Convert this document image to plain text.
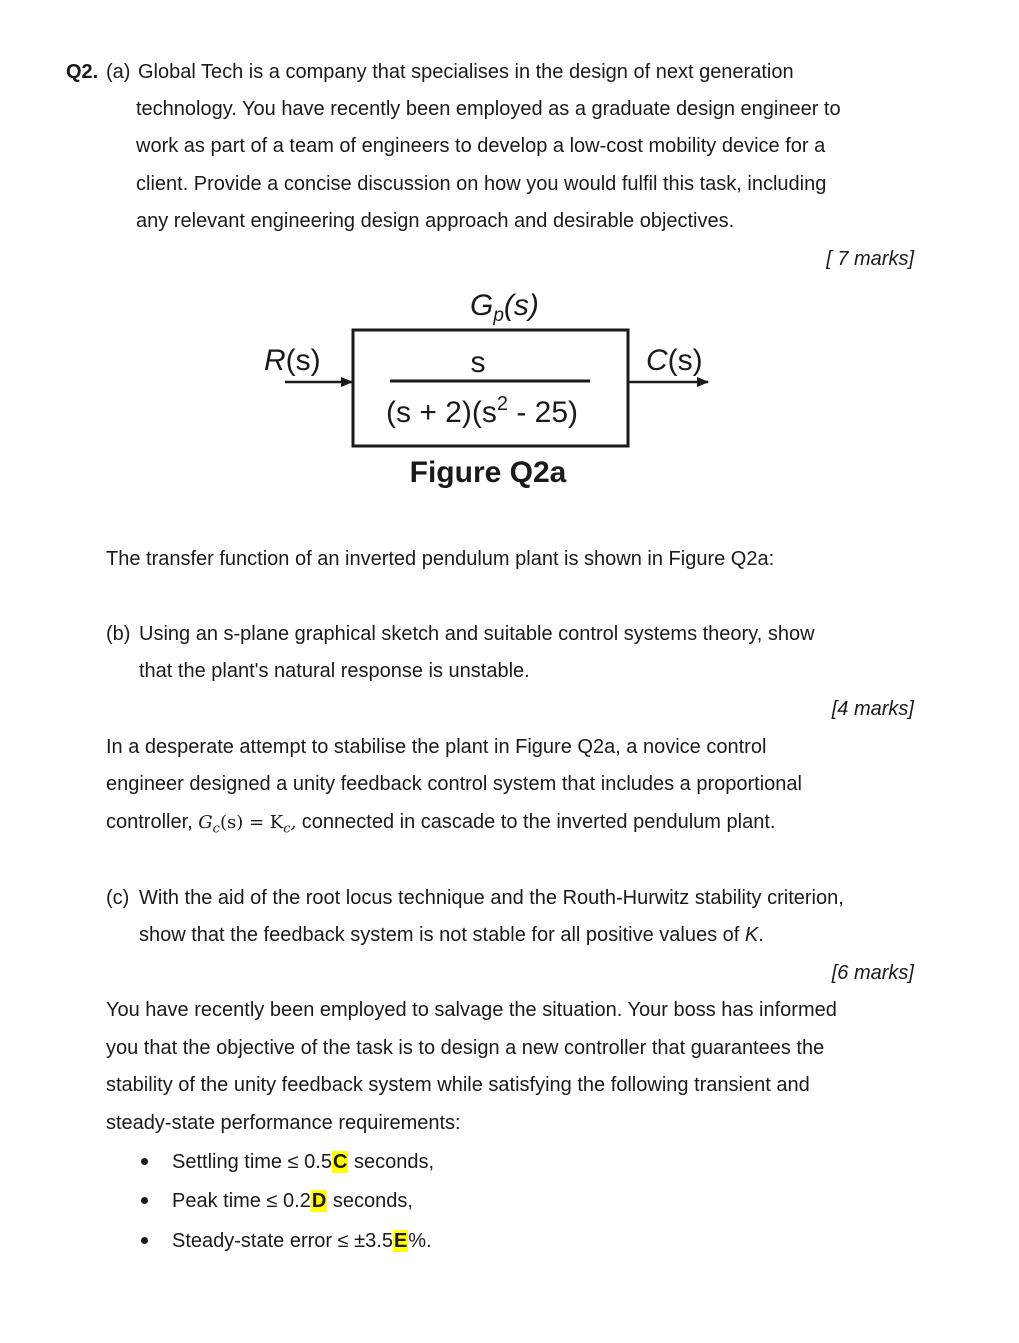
Q2. (a) Global Tech is a company that specialises in the design of next generation
technology. You have recently been employed as a graduate design engineer to
work as part of a team of engineers to develop a low-cost mobility device for a
client. Provide a concise discussion on how you would fulfil this task, including
any relevant engineering design approach and desirable objectives.
[ 7 marks]
$G_p(s)$
R(s)	C(s)
s
$(s + 2)(s^2 - 25)$
Figure Q2a
The transfer function of an inverted pendulum plant is shown in Figure Q2a:
(b) Using an s-plane graphical sketch and suitable control systems theory, show
that the plant's natural response is unstable.
[4 marks]
In a desperate attempt to stabilise the plant in Figure Q2a, a novice control
engineer designed a unity feedback control system that includes a proportional
controller, $G_c(s) = K_c$, connected in cascade to the inverted pendulum plant.
(c) With the aid of the root locus technique and the Routh-Hurwitz stability criterion,
show that the feedback system is not stable for all positive values of K.
[6 marks]
You have recently been employed to salvage the situation. Your boss has informed
you that the objective of the task is to design a new controller that guarantees the
stability of the unity feedback system while satisfying the following transient and
steady-state performance requirements:
Settling time ≤ 0.5C seconds,
Peak time ≤ 0.2D seconds,
Steady-state error ≤ ±3.5E%.
